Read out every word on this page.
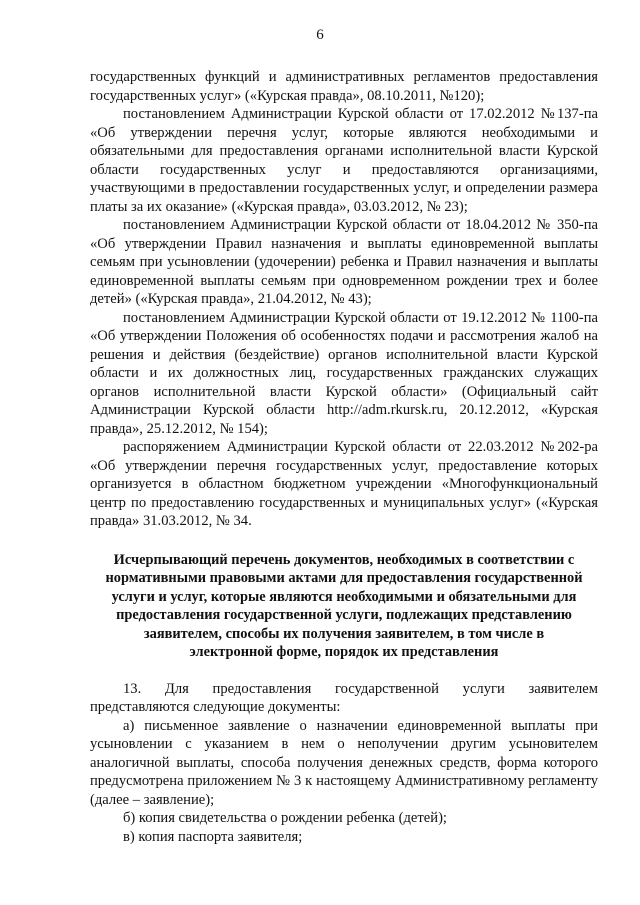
6

государственных функций и административных регламентов предоставления государственных услуг» («Курская правда», 08.10.2011, №120);

постановлением Администрации Курской области от 17.02.2012 №137-па «Об утверждении перечня услуг, которые являются необходимыми и обязательными для предоставления органами исполнительной власти Курской области государственных услуг и предоставляются организациями, участвующими в предоставлении государственных услуг, и определении размера платы за их оказание» («Курская правда», 03.03.2012, № 23);

постановлением Администрации Курской области от 18.04.2012 № 350-па «Об утверждении Правил назначения и выплаты единовременной выплаты семьям при усыновлении (удочерении) ребенка и Правил назначения и выплаты единовременной выплаты семьям при одновременном рождении трех и более детей» («Курская правда», 21.04.2012, № 43);

постановлением Администрации Курской области от 19.12.2012 № 1100-па «Об утверждении Положения об особенностях подачи и рассмотрения жалоб на решения и действия (бездействие) органов исполнительной власти Курской области и их должностных лиц, государственных гражданских служащих органов исполнительной власти Курской области» (Официальный сайт Администрации Курской области http://adm.rkursk.ru, 20.12.2012, «Курская правда», 25.12.2012, № 154);

распоряжением Администрации Курской области от 22.03.2012 №202-ра «Об утверждении перечня государственных услуг, предоставление которых организуется в областном бюджетном учреждении «Многофункциональный центр по предоставлению государственных и муниципальных услуг» («Курская правда» 31.03.2012, № 34.

Исчерпывающий перечень документов, необходимых в соответствии с нормативными правовыми актами для предоставления государственной услуги и услуг, которые являются необходимыми и обязательными для предоставления государственной услуги, подлежащих представлению заявителем, способы их получения заявителем, в том числе в электронной форме, порядок их представления

13. Для предоставления государственной услуги заявителем представляются следующие документы:

а) письменное заявление о назначении единовременной выплаты при усыновлении с указанием в нем о неполучении другим усыновителем аналогичной выплаты, способа получения денежных средств, форма которого предусмотрена приложением № 3 к настоящему Административному регламенту (далее – заявление);

б) копия свидетельства о рождении ребенка (детей);

в) копия паспорта заявителя;
